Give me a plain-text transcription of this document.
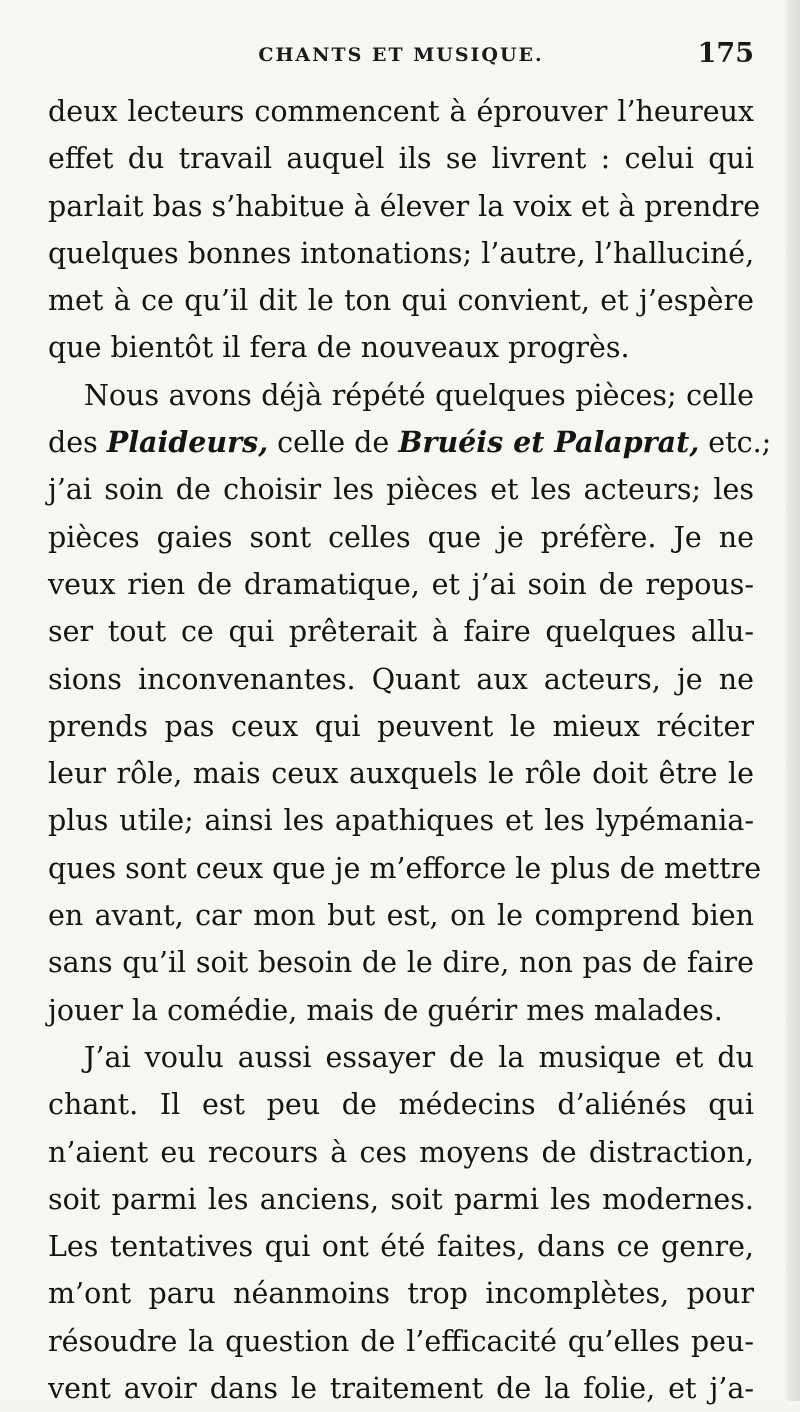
CHANTS ET MUSIQUE.	175
deux lecteurs commencent à éprouver l’heureux
effet du travail auquel ils se livrent : celui qui
parlait bas s’habitue à élever la voix et à prendre
quelques bonnes intonations; l’autre, l’halluciné,
met à ce qu’il dit le ton qui convient, et j’espère
que bientôt il fera de nouveaux progrès.
Nous avons déjà répété quelques pièces; celle
des Plaideurs, celle de Bruéis et Palaprat, etc.;
j’ai soin de choisir les pièces et les acteurs; les
pièces gaies sont celles que je préfère. Je ne
veux rien de dramatique, et j’ai soin de repous-
ser tout ce qui prêterait à faire quelques allu-
sions inconvenantes. Quant aux acteurs, je ne
prends pas ceux qui peuvent le mieux réciter
leur rôle, mais ceux auxquels le rôle doit être le
plus utile; ainsi les apathiques et les lypémania-
ques sont ceux que je m’efforce le plus de mettre
en avant, car mon but est, on le comprend bien
sans qu’il soit besoin de le dire, non pas de faire
jouer la comédie, mais de guérir mes malades.
J’ai voulu aussi essayer de la musique et du
chant. Il est peu de médecins d’aliénés qui
n’aient eu recours à ces moyens de distraction,
soit parmi les anciens, soit parmi les modernes.
Les tentatives qui ont été faites, dans ce genre,
m’ont paru néanmoins trop incomplètes, pour
résoudre la question de l’efficacité qu’elles peu-
vent avoir dans le traitement de la folie, et j’a-
